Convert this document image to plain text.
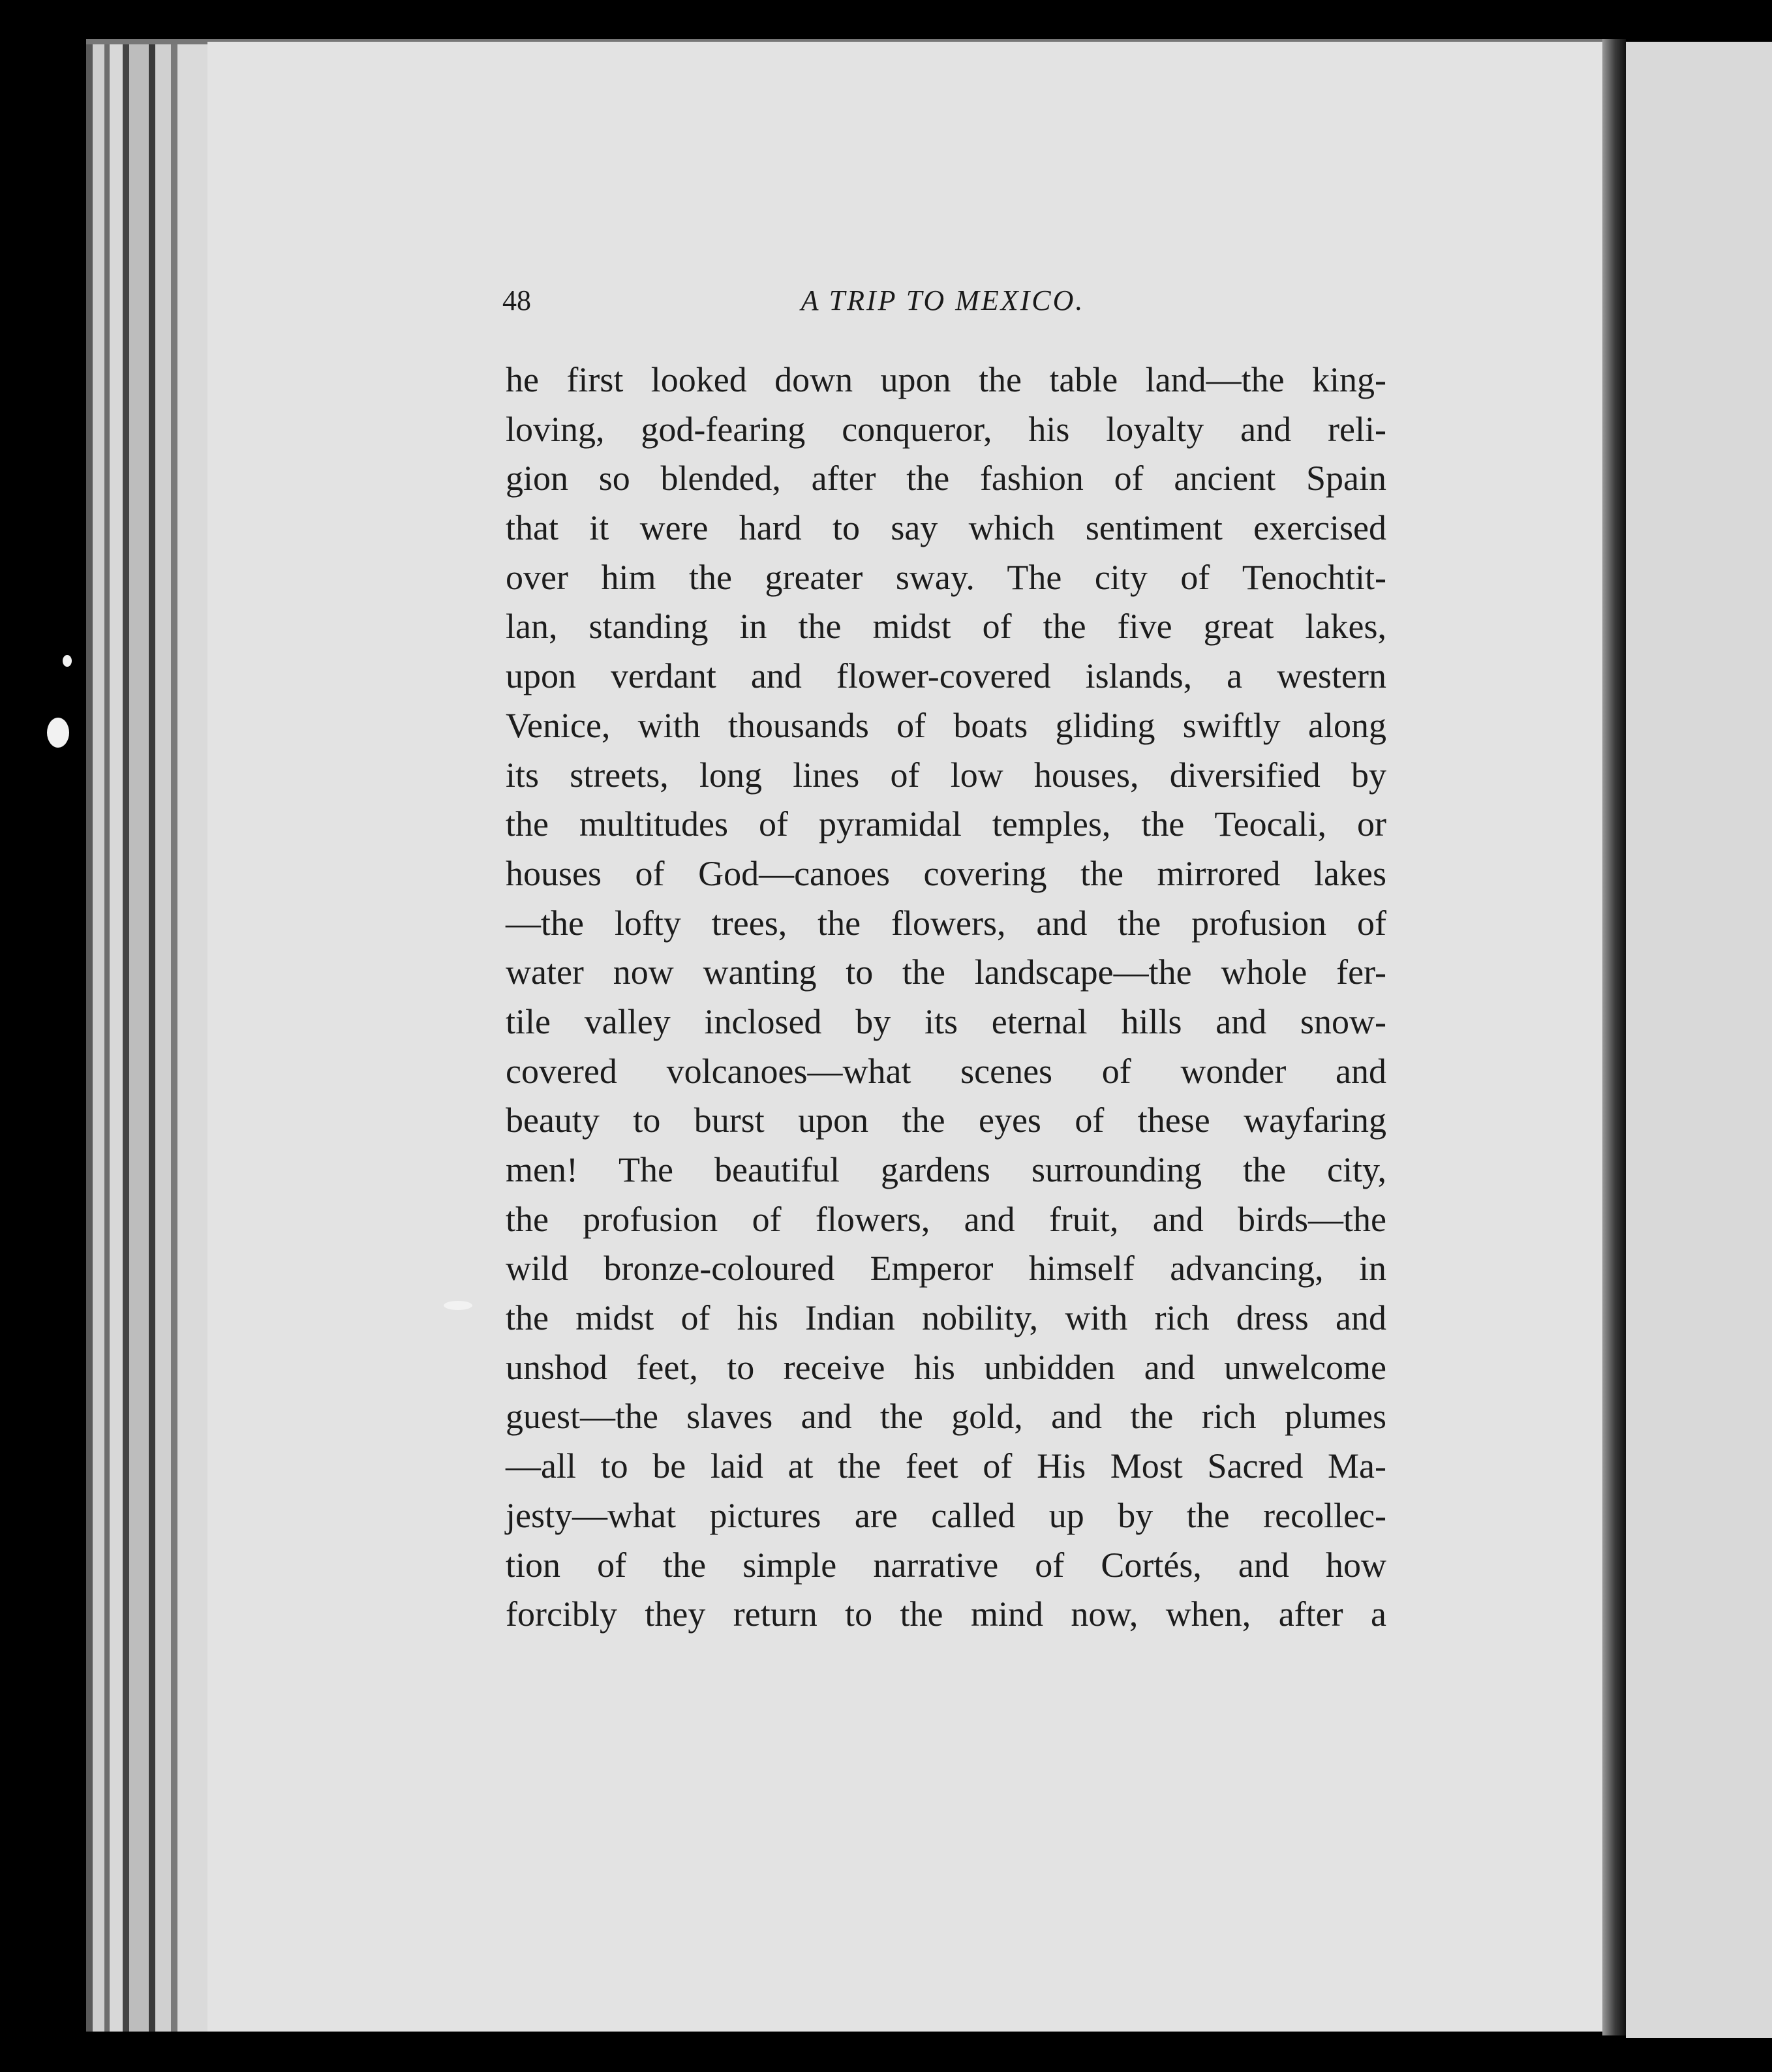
48	A TRIP TO MEXICO.
he first looked down upon the table land—the king-
loving, god-fearing conqueror, his loyalty and reli-
gion so blended, after the fashion of ancient Spain
that it were hard to say which sentiment exercised
over him the greater sway. The city of Tenochtit-
lan, standing in the midst of the five great lakes,
upon verdant and flower-covered islands, a western
Venice, with thousands of boats gliding swiftly along
its streets, long lines of low houses, diversified by
the multitudes of pyramidal temples, the Teocali, or
houses of God—canoes covering the mirrored lakes
—the lofty trees, the flowers, and the profusion of
water now wanting to the landscape—the whole fer-
tile valley inclosed by its eternal hills and snow-
covered volcanoes—what scenes of wonder and
beauty to burst upon the eyes of these wayfaring
men! The beautiful gardens surrounding the city,
the profusion of flowers, and fruit, and birds—the
wild bronze-coloured Emperor himself advancing, in
the midst of his Indian nobility, with rich dress and
unshod feet, to receive his unbidden and unwelcome
guest—the slaves and the gold, and the rich plumes
—all to be laid at the feet of His Most Sacred Ma-
jesty—what pictures are called up by the recollec-
tion of the simple narrative of Cortés, and how
forcibly they return to the mind now, when, after a
